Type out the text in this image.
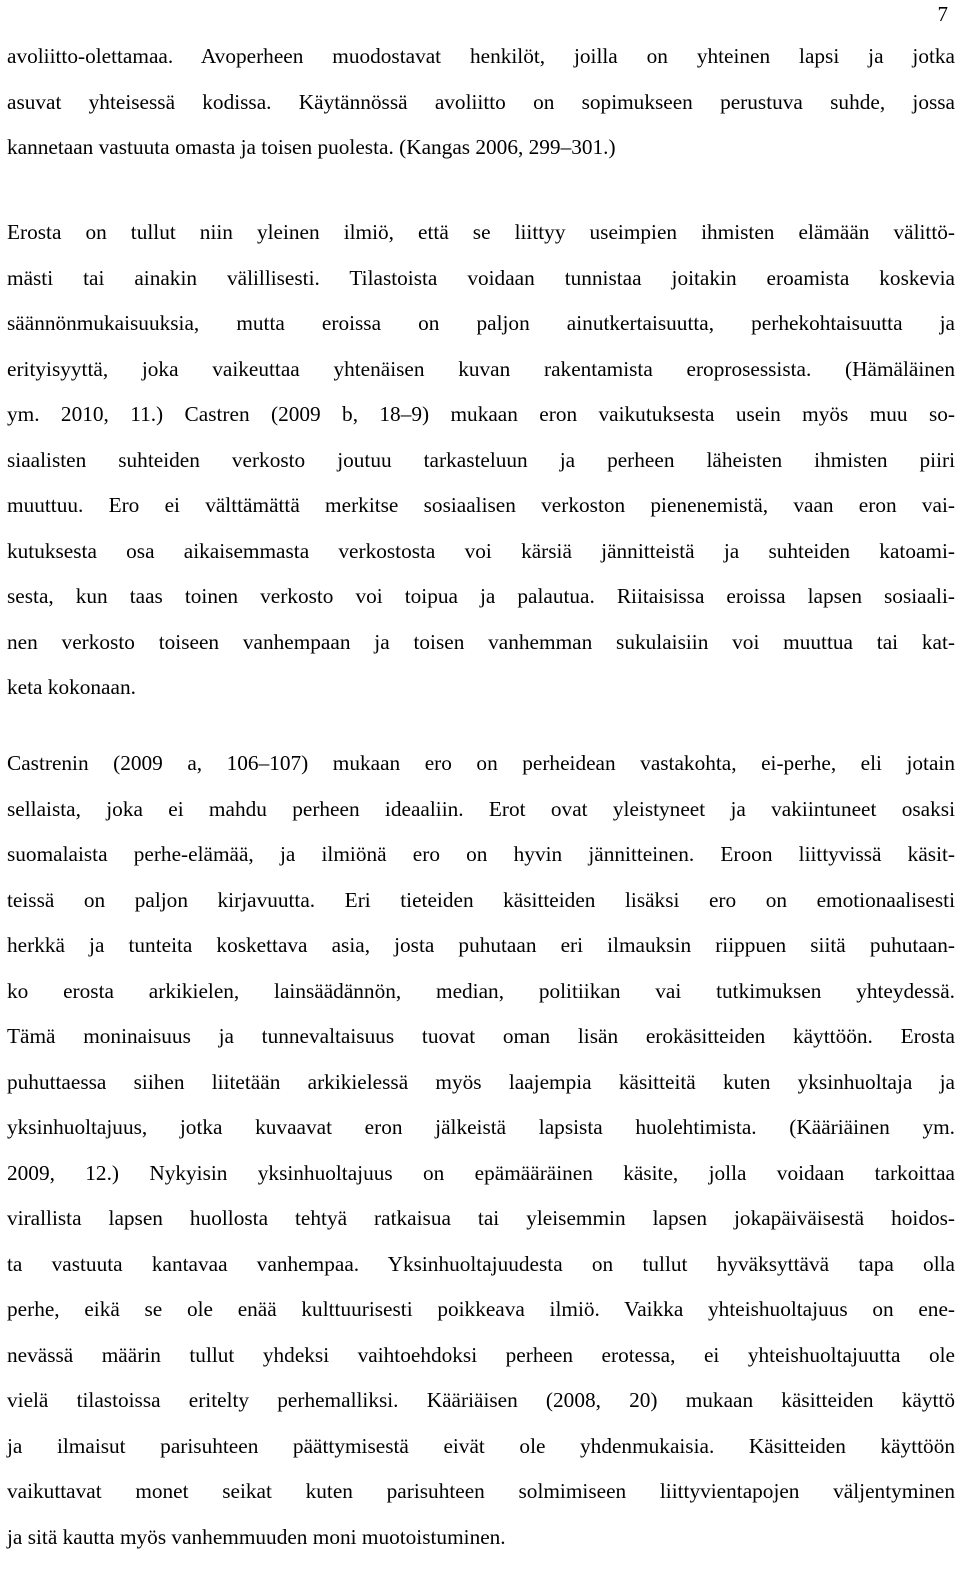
7
avoliitto-olettamaa. Avoperheen muodostavat henkilöt, joilla on yhteinen lapsi ja jotka
asuvat yhteisessä kodissa. Käytännössä avoliitto on sopimukseen perustuva suhde, jossa
kannetaan vastuuta omasta ja toisen puolesta. (Kangas 2006, 299–301.)
Erosta on tullut niin yleinen ilmiö, että se liittyy useimpien ihmisten elämään välittö-
mästi tai ainakin välillisesti. Tilastoista voidaan tunnistaa joitakin eroamista koskevia
säännönmukaisuuksia, mutta eroissa on paljon ainutkertaisuutta, perhekohtaisuutta ja
erityisyyttä, joka vaikeuttaa yhtenäisen kuvan rakentamista eroprosessista. (Hämäläinen
ym. 2010, 11.) Castren (2009 b, 18–9) mukaan eron vaikutuksesta usein myös muu so-
siaalisten suhteiden verkosto joutuu tarkasteluun ja perheen läheisten ihmisten piiri
muuttuu. Ero ei välttämättä merkitse sosiaalisen verkoston pienenemistä, vaan eron vai-
kutuksesta osa aikaisemmasta verkostosta voi kärsiä jännitteistä ja suhteiden katoami-
sesta, kun taas toinen verkosto voi toipua ja palautua. Riitaisissa eroissa lapsen sosiaali-
nen verkosto toiseen vanhempaan ja toisen vanhemman sukulaisiin voi muuttua tai kat-
keta kokonaan.
Castrenin (2009 a, 106–107) mukaan ero on perheidean vastakohta, ei-perhe, eli jotain
sellaista, joka ei mahdu perheen ideaaliin. Erot ovat yleistyneet ja vakiintuneet osaksi
suomalaista perhe-elämää, ja ilmiönä ero on hyvin jännitteinen. Eroon liittyvissä käsit-
teissä on paljon kirjavuutta. Eri tieteiden käsitteiden lisäksi ero on emotionaalisesti
herkkä ja tunteita koskettava asia, josta puhutaan eri ilmauksin riippuen siitä puhutaan-
ko erosta arkikielen, lainsäädännön, median, politiikan vai tutkimuksen yhteydessä.
Tämä moninaisuus ja tunnevaltaisuus tuovat oman lisän erokäsitteiden käyttöön. Erosta
puhuttaessa siihen liitetään arkikielessä myös laajempia käsitteitä kuten yksinhuoltaja ja
yksinhuoltajuus, jotka kuvaavat eron jälkeistä lapsista huolehtimista. (Kääriäinen ym.
2009, 12.) Nykyisin yksinhuoltajuus on epämääräinen käsite, jolla voidaan tarkoittaa
virallista lapsen huollosta tehtyä ratkaisua tai yleisemmin lapsen jokapäiväisestä hoidos-
ta vastuuta kantavaa vanhempaa. Yksinhuoltajuudesta on tullut hyväksyttävä tapa olla
perhe, eikä se ole enää kulttuurisesti poikkeava ilmiö. Vaikka yhteishuoltajuus on ene-
nevässä määrin tullut yhdeksi vaihtoehdoksi perheen erotessa, ei yhteishuoltajuutta ole
vielä tilastoissa eritelty perhemalliksi. Kääriäisen (2008, 20) mukaan käsitteiden käyttö
ja ilmaisut parisuhteen päättymisestä eivät ole yhdenmukaisia. Käsitteiden käyttöön
vaikuttavat monet seikat kuten parisuhteen solmimiseen liittyvientapojen väljentyminen
ja sitä kautta myös vanhemmuuden moni muotoistuminen.
